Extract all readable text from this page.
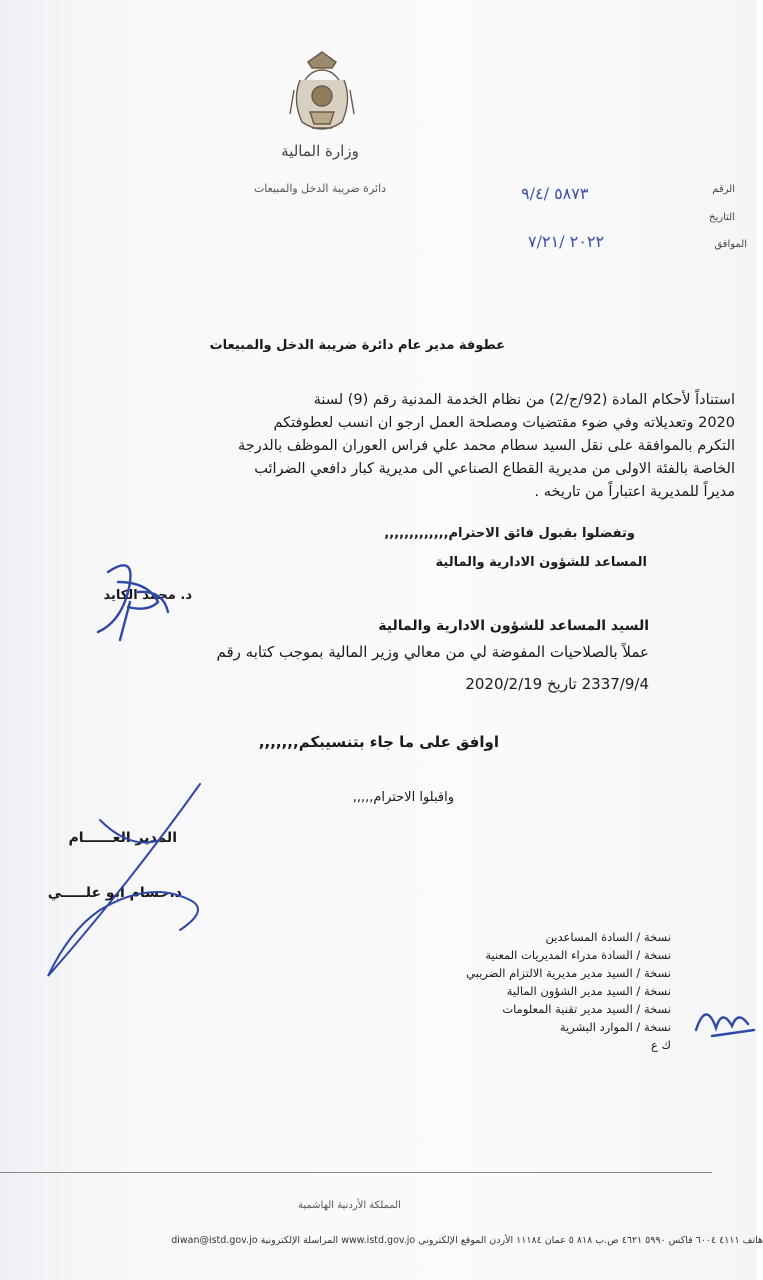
وزارة المالية
دائرة ضريبة الدخل والمبيعات	الرقم
٥٨٧٣ /٩/٤
التاريخ
الموافق
٢٠٢٢ /٧/٢١
عطوفة مدير عام دائرة ضريبة الدخل والمبيعات

استناداً لأحكام المادة (92/ج/2) من نظام الخدمة المدنية رقم (9) لسنة

2020 وتعديلاته وفي ضوء مقتضيات ومصلحة العمل ارجو ان انسب لعطوفتكم

التكرم بالموافقة على نقل السيد سطام محمد علي فراس العوران الموظف بالدرجة

الخاصة بالفئة الاولى من مديرية القطاع الصناعي الى مديرية كبار دافعي الضرائب

مديراً للمديرية اعتباراً من تاريخه .

وتفضلوا بقبول فائق الاحترام,,,,,,,,,,,,,
المساعد للشؤون الادارية والمالية
د. محمد الكايد
السيد المساعد للشؤون الادارية والمالية
عملاً بالصلاحيات المفوضة لي من معالي وزير المالية بموجب كتابه رقم
2337/9/4 تاريخ 2020/2/19
اوافق على ما جاء بتنسيبكم,,,,,,,
واقبلوا الاحترام,,,,,
المدير العــــــام
د.حسام ابو علـــــي
نسخة / السادة المساعدين
نسخة / السادة مدراء المديريات المعنية
نسخة / السيد مدير مديرية الالتزام الضريبي
نسخة / السيد مدير الشؤون المالية
نسخة / السيد مدير تقنية المعلومات
نسخة / الموارد البشرية
ك ع
المملكة الأردنية الهاشمية
هاتف ٤١١١ ٦٠٠٤ فاكس ٥٩٩٠ ٤٦٢١ ص.ب ٨١٨ ٥ عمان ١١١٨٤ الأردن الموقع الإلكتروني www.istd.gov.jo المراسلة الإلكترونية diwan@istd.gov.jo
